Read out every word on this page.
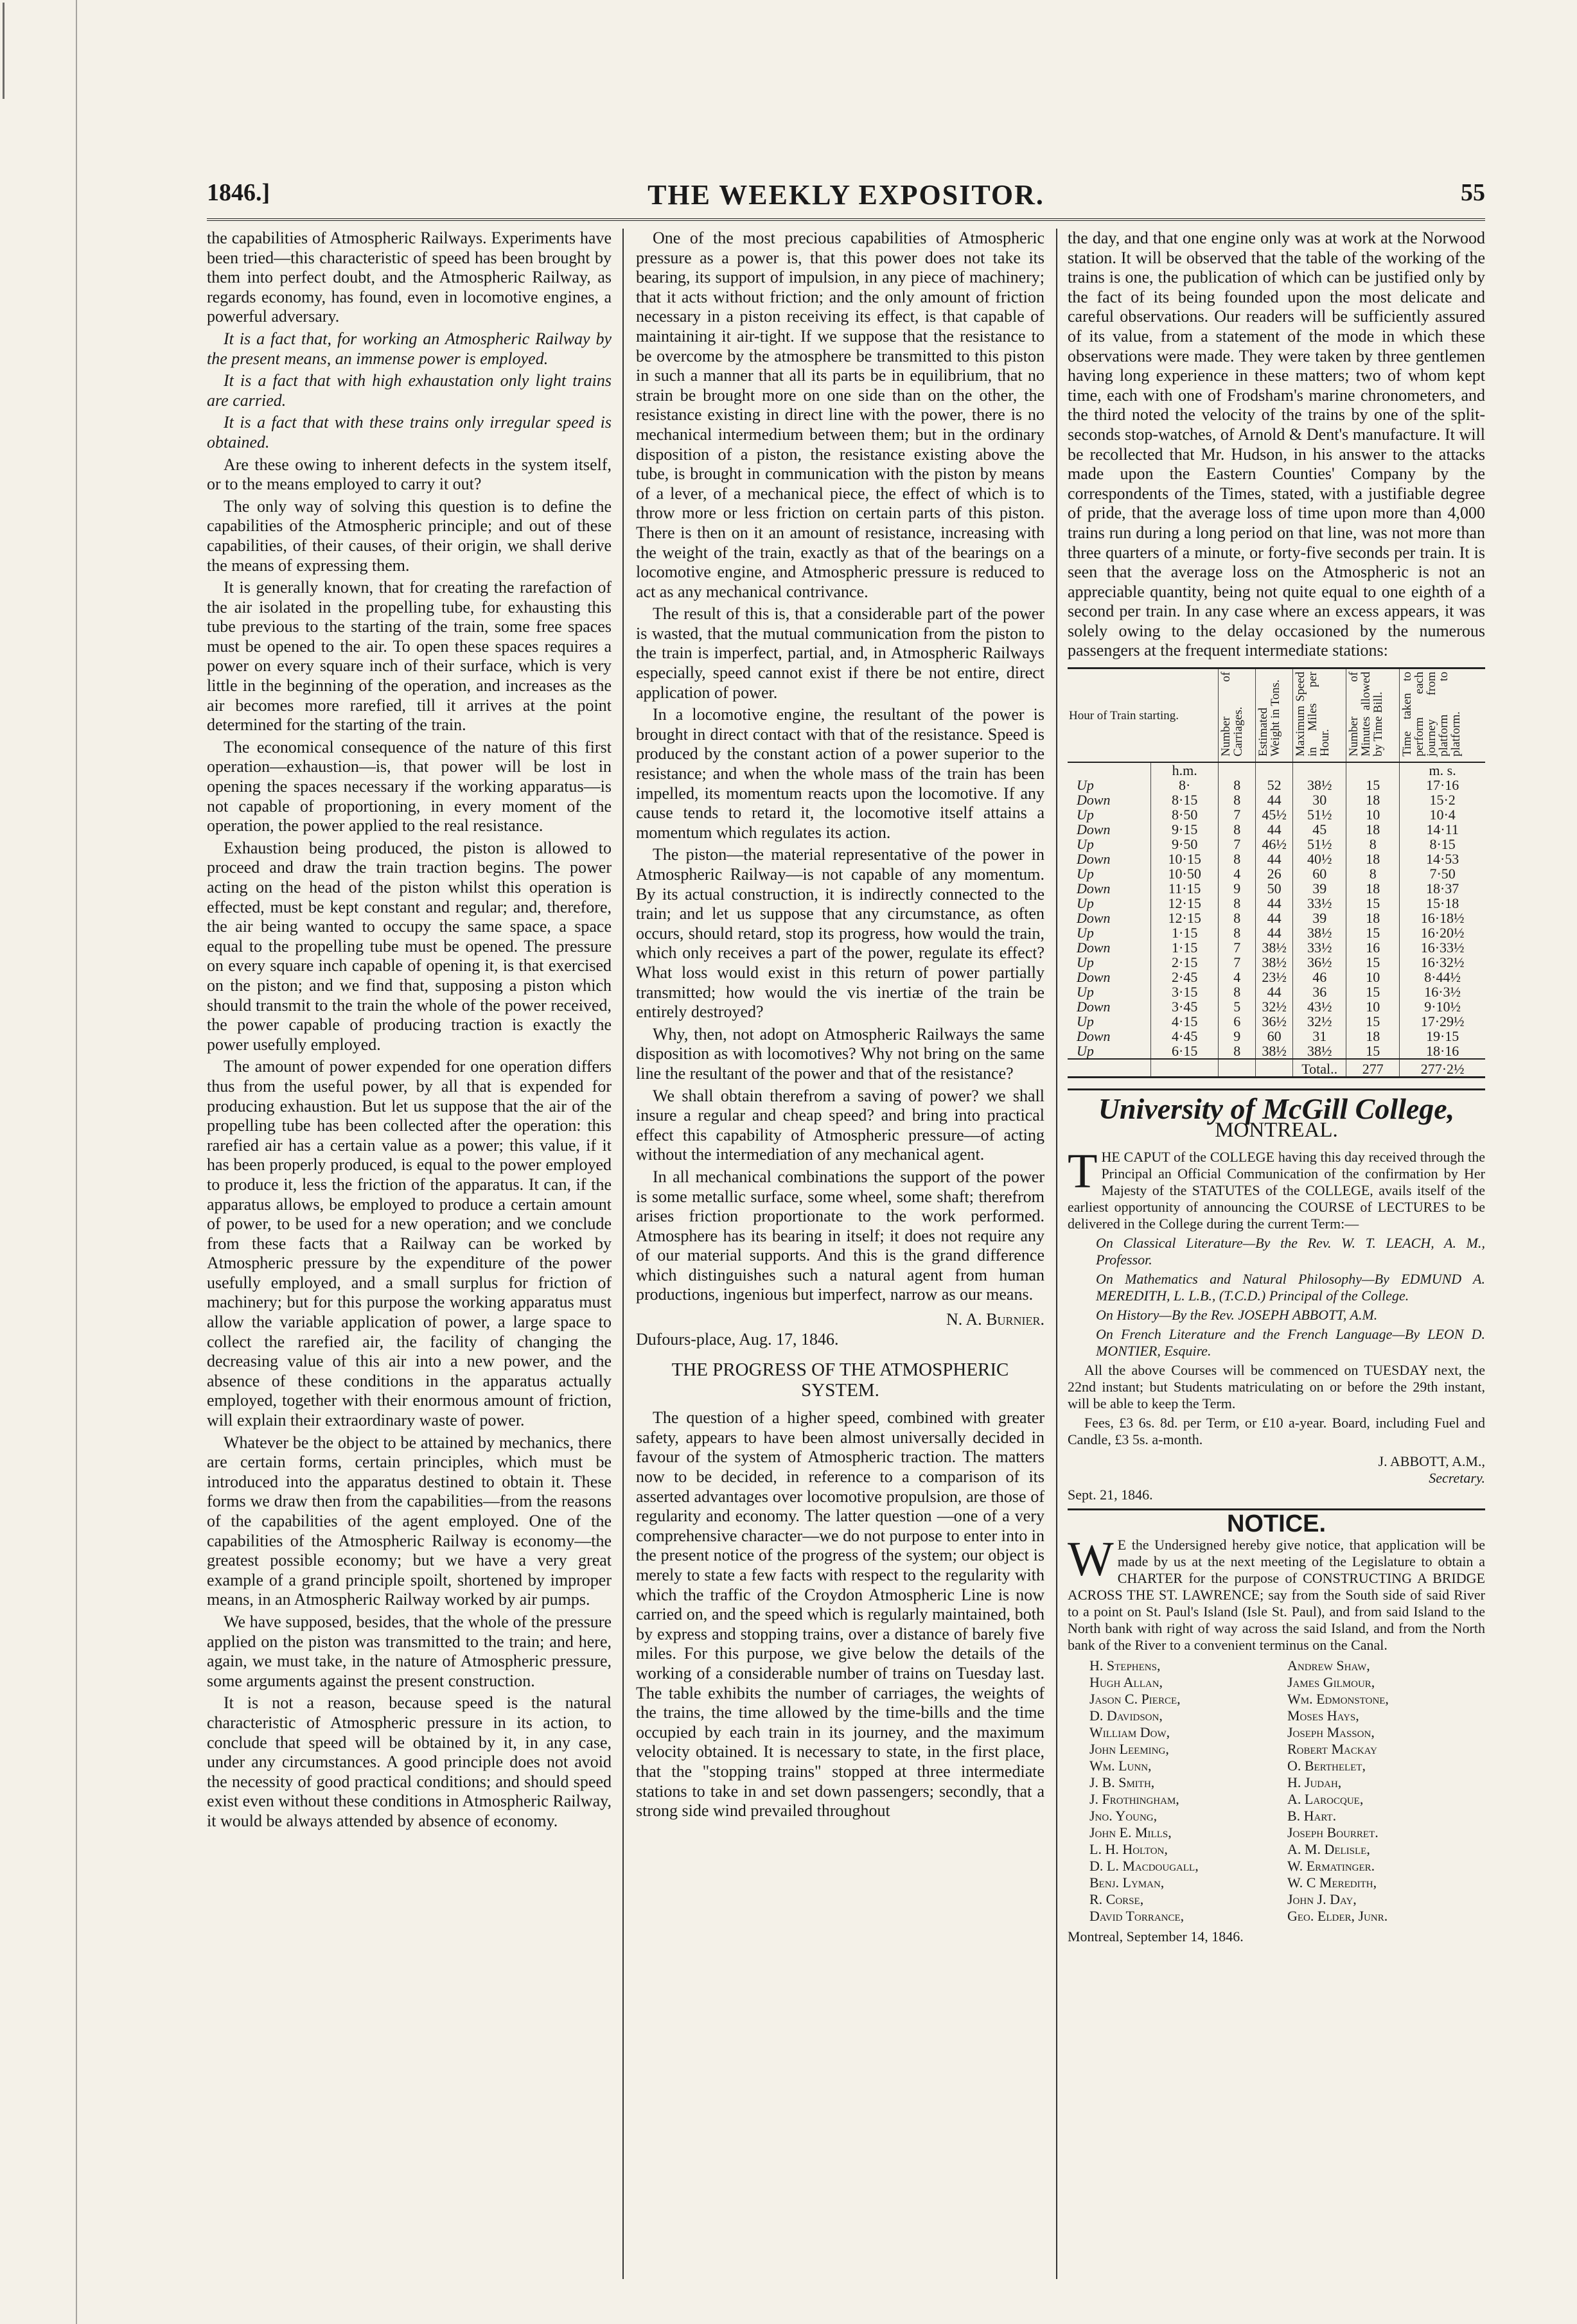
1846.]	THE WEEKLY EXPOSITOR.	55

the capabilities of Atmospheric Railways. Experiments have been tried—this characteristic of speed has been brought by them into perfect doubt, and the Atmospheric Railway, as regards economy, has found, even in locomotive engines, a powerful adversary.

It is a fact that, for working an Atmospheric Railway by the present means, an immense power is employed.

It is a fact that with high exhaustation only light trains are carried.

It is a fact that with these trains only irregular speed is obtained.

Are these owing to inherent defects in the system itself, or to the means employed to carry it out?

The only way of solving this question is to define the capabilities of the Atmospheric principle; and out of these capabilities, of their causes, of their origin, we shall derive the means of expressing them.

It is generally known, that for creating the rarefaction of the air isolated in the propelling tube, for exhausting this tube previous to the starting of the train, some free spaces must be opened to the air. To open these spaces requires a power on every square inch of their surface, which is very little in the beginning of the operation, and increases as the air becomes more rarefied, till it arrives at the point determined for the starting of the train.

The economical consequence of the nature of this first operation—exhaustion—is, that power will be lost in opening the spaces necessary if the working apparatus—is not capable of proportioning, in every moment of the operation, the power applied to the real resistance.

Exhaustion being produced, the piston is allowed to proceed and draw the train traction begins. The power acting on the head of the piston whilst this operation is effected, must be kept constant and regular; and, therefore, the air being wanted to occupy the same space, a space equal to the propelling tube must be opened. The pressure on every square inch capable of opening it, is that exercised on the piston; and we find that, supposing a piston which should transmit to the train the whole of the power received, the power capable of producing traction is exactly the power usefully employed.

The amount of power expended for one operation differs thus from the useful power, by all that is expended for producing exhaustion. But let us suppose that the air of the propelling tube has been collected after the operation: this rarefied air has a certain value as a power; this value, if it has been properly produced, is equal to the power employed to produce it, less the friction of the apparatus. It can, if the apparatus allows, be employed to produce a certain amount of power, to be used for a new operation; and we conclude from these facts that a Railway can be worked by Atmospheric pressure by the expenditure of the power usefully employed, and a small surplus for friction of machinery; but for this purpose the working apparatus must allow the variable application of power, a large space to collect the rarefied air, the facility of changing the decreasing value of this air into a new power, and the absence of these conditions in the apparatus actually employed, together with their enormous amount of friction, will explain their extraordinary waste of power.

Whatever be the object to be attained by mechanics, there are certain forms, certain principles, which must be introduced into the apparatus destined to obtain it. These forms we draw then from the capabilities—from the reasons of the capabilities of the agent employed. One of the capabilities of the Atmospheric Railway is economy—the greatest possible economy; but we have a very great example of a grand principle spoilt, shortened by improper means, in an Atmospheric Railway worked by air pumps.

We have supposed, besides, that the whole of the pressure applied on the piston was transmitted to the train; and here, again, we must take, in the nature of Atmospheric pressure, some arguments against the present construction.

It is not a reason, because speed is the natural characteristic of Atmospheric pressure in its action, to conclude that speed will be obtained by it, in any case, under any circumstances. A good principle does not avoid the necessity of good practical conditions; and should speed exist even without these conditions in Atmospheric Railway, it would be always attended by absence of economy.

One of the most precious capabilities of Atmospheric pressure as a power is, that this power does not take its bearing, its support of impulsion, in any piece of machinery; that it acts without friction; and the only amount of friction necessary in a piston receiving its effect, is that capable of maintaining it air-tight. If we suppose that the resistance to be overcome by the atmosphere be transmitted to this piston in such a manner that all its parts be in equilibrium, that no strain be brought more on one side than on the other, the resistance existing in direct line with the power, there is no mechanical intermedium between them; but in the ordinary disposition of a piston, the resistance existing above the tube, is brought in communication with the piston by means of a lever, of a mechanical piece, the effect of which is to throw more or less friction on certain parts of this piston. There is then on it an amount of resistance, increasing with the weight of the train, exactly as that of the bearings on a locomotive engine, and Atmospheric pressure is reduced to act as any mechanical contrivance.

The result of this is, that a considerable part of the power is wasted, that the mutual communication from the piston to the train is imperfect, partial, and, in Atmospheric Railways especially, speed cannot exist if there be not entire, direct application of power.

In a locomotive engine, the resultant of the power is brought in direct contact with that of the resistance. Speed is produced by the constant action of a power superior to the resistance; and when the whole mass of the train has been impelled, its momentum reacts upon the locomotive. If any cause tends to retard it, the locomotive itself attains a momentum which regulates its action.

The piston—the material representative of the power in Atmospheric Railway—is not capable of any momentum. By its actual construction, it is indirectly connected to the train; and let us suppose that any circumstance, as often occurs, should retard, stop its progress, how would the train, which only receives a part of the power, regulate its effect? What loss would exist in this return of power partially transmitted; how would the vis inertiæ of the train be entirely destroyed?

Why, then, not adopt on Atmospheric Railways the same disposition as with locomotives? Why not bring on the same line the resultant of the power and that of the resistance?

We shall obtain therefrom a saving of power? we shall insure a regular and cheap speed? and bring into practical effect this capability of Atmospheric pressure—of acting without the intermediation of any mechanical agent.

In all mechanical combinations the support of the power is some metallic surface, some wheel, some shaft; therefrom arises friction proportionate to the work performed. Atmosphere has its bearing in itself; it does not require any of our material supports. And this is the grand difference which distinguishes such a natural agent from human productions, ingenious but imperfect, narrow as our means.

N. A. Burnier.

Dufours-place, Aug. 17, 1846.

THE PROGRESS OF THE ATMOSPHERIC SYSTEM.

The question of a higher speed, combined with greater safety, appears to have been almost universally decided in favour of the system of Atmospheric traction. The matters now to be decided, in reference to a comparison of its asserted advantages over locomotive propulsion, are those of regularity and economy. The latter question —one of a very comprehensive character—we do not purpose to enter into in the present notice of the progress of the system; our object is merely to state a few facts with respect to the regularity with which the traffic of the Croydon Atmospheric Line is now carried on, and the speed which is regularly maintained, both by express and stopping trains, over a distance of barely five miles. For this purpose, we give below the details of the working of a considerable number of trains on Tuesday last. The table exhibits the number of carriages, the weights of the trains, the time allowed by the time-bills and the time occupied by each train in its journey, and the maximum velocity obtained. It is necessary to state, in the first place, that the "stopping trains" stopped at three intermediate stations to take in and set down passengers; secondly, that a strong side wind prevailed throughout

the day, and that one engine only was at work at the Norwood station. It will be observed that the table of the working of the trains is one, the publication of which can be justified only by the fact of its being founded upon the most delicate and careful observations. Our readers will be sufficiently assured of its value, from a statement of the mode in which these observations were made. They were taken by three gentlemen having long experience in these matters; two of whom kept time, each with one of Frodsham's marine chronometers, and the third noted the velocity of the trains by one of the split-seconds stop-watches, of Arnold & Dent's manufacture. It will be recollected that Mr. Hudson, in his answer to the attacks made upon the Eastern Counties' Company by the correspondents of the Times, stated, with a justifiable degree of pride, that the average loss of time upon more than 4,000 trains run during a long period on that line, was not more than three quarters of a minute, or forty-five seconds per train. It is seen that the average loss on the Atmospheric is not an appreciable quantity, being not quite equal to one eighth of a second per train. In any case where an excess appears, it was solely owing to the delay occasioned by the numerous passengers at the frequent intermediate stations:

Hour of Train starting.		Number of Carriages.	Estimated Weight in Tons.	Maximum Speed in Miles per Hour.	Number of Minutes allowed by Time Bill.	Time taken to perform each journey from platform to platform.
	h.m.					m. s.
Up	8·	8	52	38½	15	17·16
Down	8·15	8	44	30	18	15·2
Up	8·50	7	45½	51½	10	10·4
Down	9·15	8	44	45	18	14·11
Up	9·50	7	46½	51½	8	8·15
Down	10·15	8	44	40½	18	14·53
Up	10·50	4	26	60	8	7·50
Down	11·15	9	50	39	18	18·37
Up	12·15	8	44	33½	15	15·18
Down	12·15	8	44	39	18	16·18½
Up	1·15	8	44	38½	15	16·20½
Down	1·15	7	38½	33½	16	16·33½
Up	2·15	7	38½	36½	15	16·32½
Down	2·45	4	23½	46	10	8·44½
Up	3·15	8	44	36	15	16·3½
Down	3·45	5	32½	43½	10	9·10½
Up	4·15	6	36½	32½	15	17·29½
Down	4·45	9	60	31	18	19·15
Up	6·15	8	38½	38½	15	18·16
				Total..	277	277·2½
University of McGill College,
MONTREAL.

THE CAPUT of the COLLEGE having this day received through the Principal an Official Communication of the confirmation by Her Majesty of the STATUTES of the COLLEGE, avails itself of the earliest opportunity of announcing the COURSE of LECTURES to be delivered in the College during the current Term:—

On Classical Literature—By the Rev. W. T. LEACH, A. M., Professor.

On Mathematics and Natural Philosophy—By EDMUND A. MEREDITH, L. L.B., (T.C.D.) Principal of the College.

On History—By the Rev. JOSEPH ABBOTT, A.M.

On French Literature and the French Language—By LEON D. MONTIER, Esquire.

All the above Courses will be commenced on TUESDAY next, the 22nd instant; but Students matriculating on or before the 29th instant, will be able to keep the Term.

Fees, £3 6s. 8d. per Term, or £10 a-year. Board, including Fuel and Candle, £3 5s. a-month.

J. ABBOTT, A.M.,

Secretary.

Sept. 21, 1846.

NOTICE.

W E the Undersigned hereby give notice, that application will be made by us at the next meeting of the Legislature to obtain a CHARTER for the purpose of CONSTRUCTING A BRIDGE ACROSS THE ST. LAWRENCE; say from the South side of said River to a point on St. Paul's Island (Isle St. Paul), and from said Island to the North bank with right of way across the said Island, and from the North bank of the River to a convenient terminus on the Canal.

H. Stephens,	Andrew Shaw,
Hugh Allan,	James Gilmour,
Jason C. Pierce,	Wm. Edmonstone,
D. Davidson,	Moses Hays,
William Dow,	Joseph Masson,
John Leeming,	Robert Mackay
Wm. Lunn,	O. Berthelet,
J. B. Smith,	H. Judah,
J. Frothingham,	A. Larocque,
Jno. Young,	B. Hart.
John E. Mills,	Joseph Bourret.
L. H. Holton,	A. M. Delisle,
D. L. Macdougall,	W. Ermatinger.
Benj. Lyman,	W. C Meredith,
R. Corse,	John J. Day,
David Torrance,	Geo. Elder, Junr.

Montreal, September 14, 1846.
